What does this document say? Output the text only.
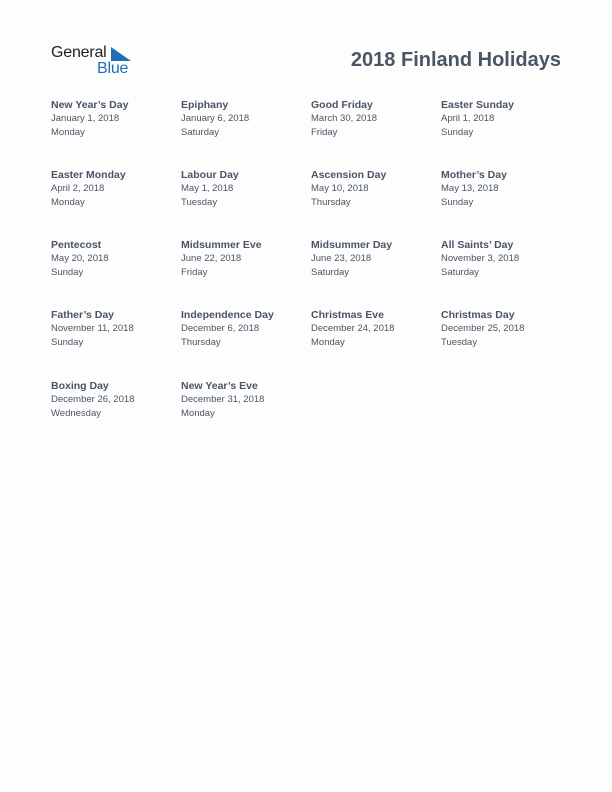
General
Blue	2018 Finland Holidays
New Year’s Day
January 1, 2018
Monday
Epiphany
January 6, 2018
Saturday
Good Friday
March 30, 2018
Friday
Easter Sunday
April 1, 2018
Sunday
Easter Monday
April 2, 2018
Monday
Labour Day
May 1, 2018
Tuesday
Ascension Day
May 10, 2018
Thursday
Mother’s Day
May 13, 2018
Sunday
Pentecost
May 20, 2018
Sunday
Midsummer Eve
June 22, 2018
Friday
Midsummer Day
June 23, 2018
Saturday
All Saints’ Day
November 3, 2018
Saturday
Father’s Day
November 11, 2018
Sunday
Independence Day
December 6, 2018
Thursday
Christmas Eve
December 24, 2018
Monday
Christmas Day
December 25, 2018
Tuesday
Boxing Day
December 26, 2018
Wednesday
New Year’s Eve
December 31, 2018
Monday
